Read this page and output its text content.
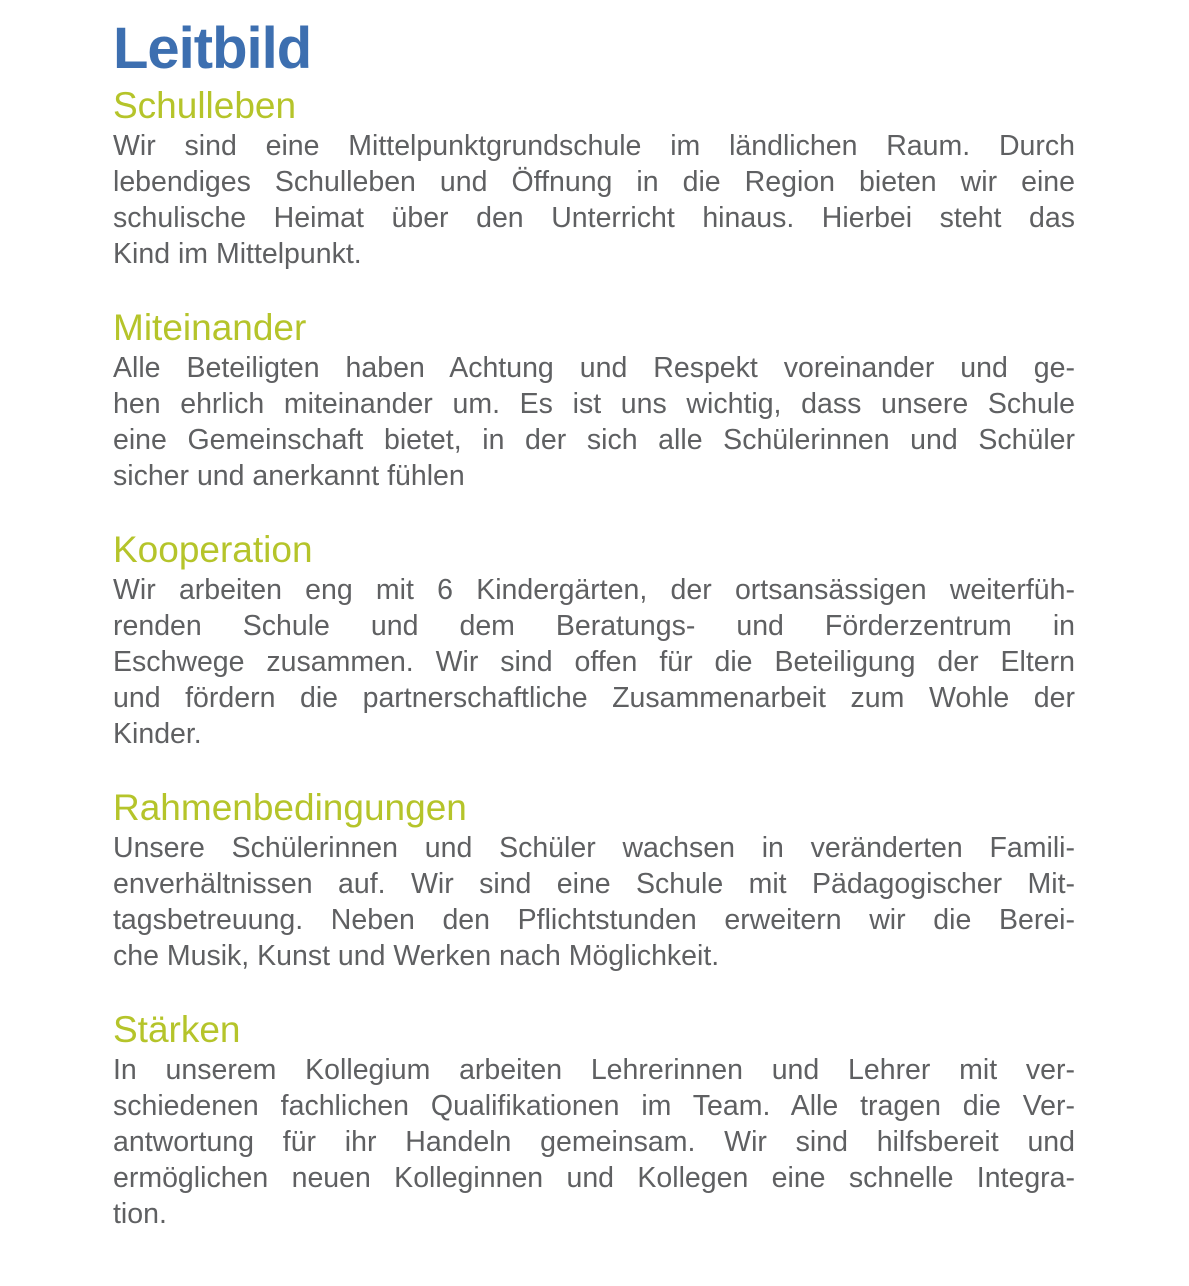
Leitbild
Schulleben
Wir sind eine Mittelpunktgrundschule im ländlichen Raum. Durch
lebendiges Schulleben und Öffnung in die Region bieten wir eine
schulische Heimat über den Unterricht hinaus. Hierbei steht das
Kind im Mittelpunkt.
Miteinander
Alle Beteiligten haben Achtung und Respekt voreinander und ge-
hen ehrlich miteinander um. Es ist uns wichtig, dass unsere Schule
eine Gemeinschaft bietet, in der sich alle Schülerinnen und Schüler
sicher und anerkannt fühlen
Kooperation
Wir arbeiten eng mit 6 Kindergärten, der ortsansässigen weiterfüh-
renden Schule und dem Beratungs- und Förderzentrum in
Eschwege zusammen. Wir sind offen für die Beteiligung der Eltern
und fördern die partnerschaftliche Zusammenarbeit zum Wohle der
Kinder.
Rahmenbedingungen
Unsere Schülerinnen und Schüler wachsen in veränderten Famili-
enverhältnissen auf. Wir sind eine Schule mit Pädagogischer Mit-
tagsbetreuung. Neben den Pflichtstunden erweitern wir die Berei-
che Musik, Kunst und Werken nach Möglichkeit.
Stärken
In unserem Kollegium arbeiten Lehrerinnen und Lehrer mit ver-
schiedenen fachlichen Qualifikationen im Team. Alle tragen die Ver-
antwortung für ihr Handeln gemeinsam. Wir sind hilfsbereit und
ermöglichen neuen Kolleginnen und Kollegen eine schnelle Integra-
tion.
